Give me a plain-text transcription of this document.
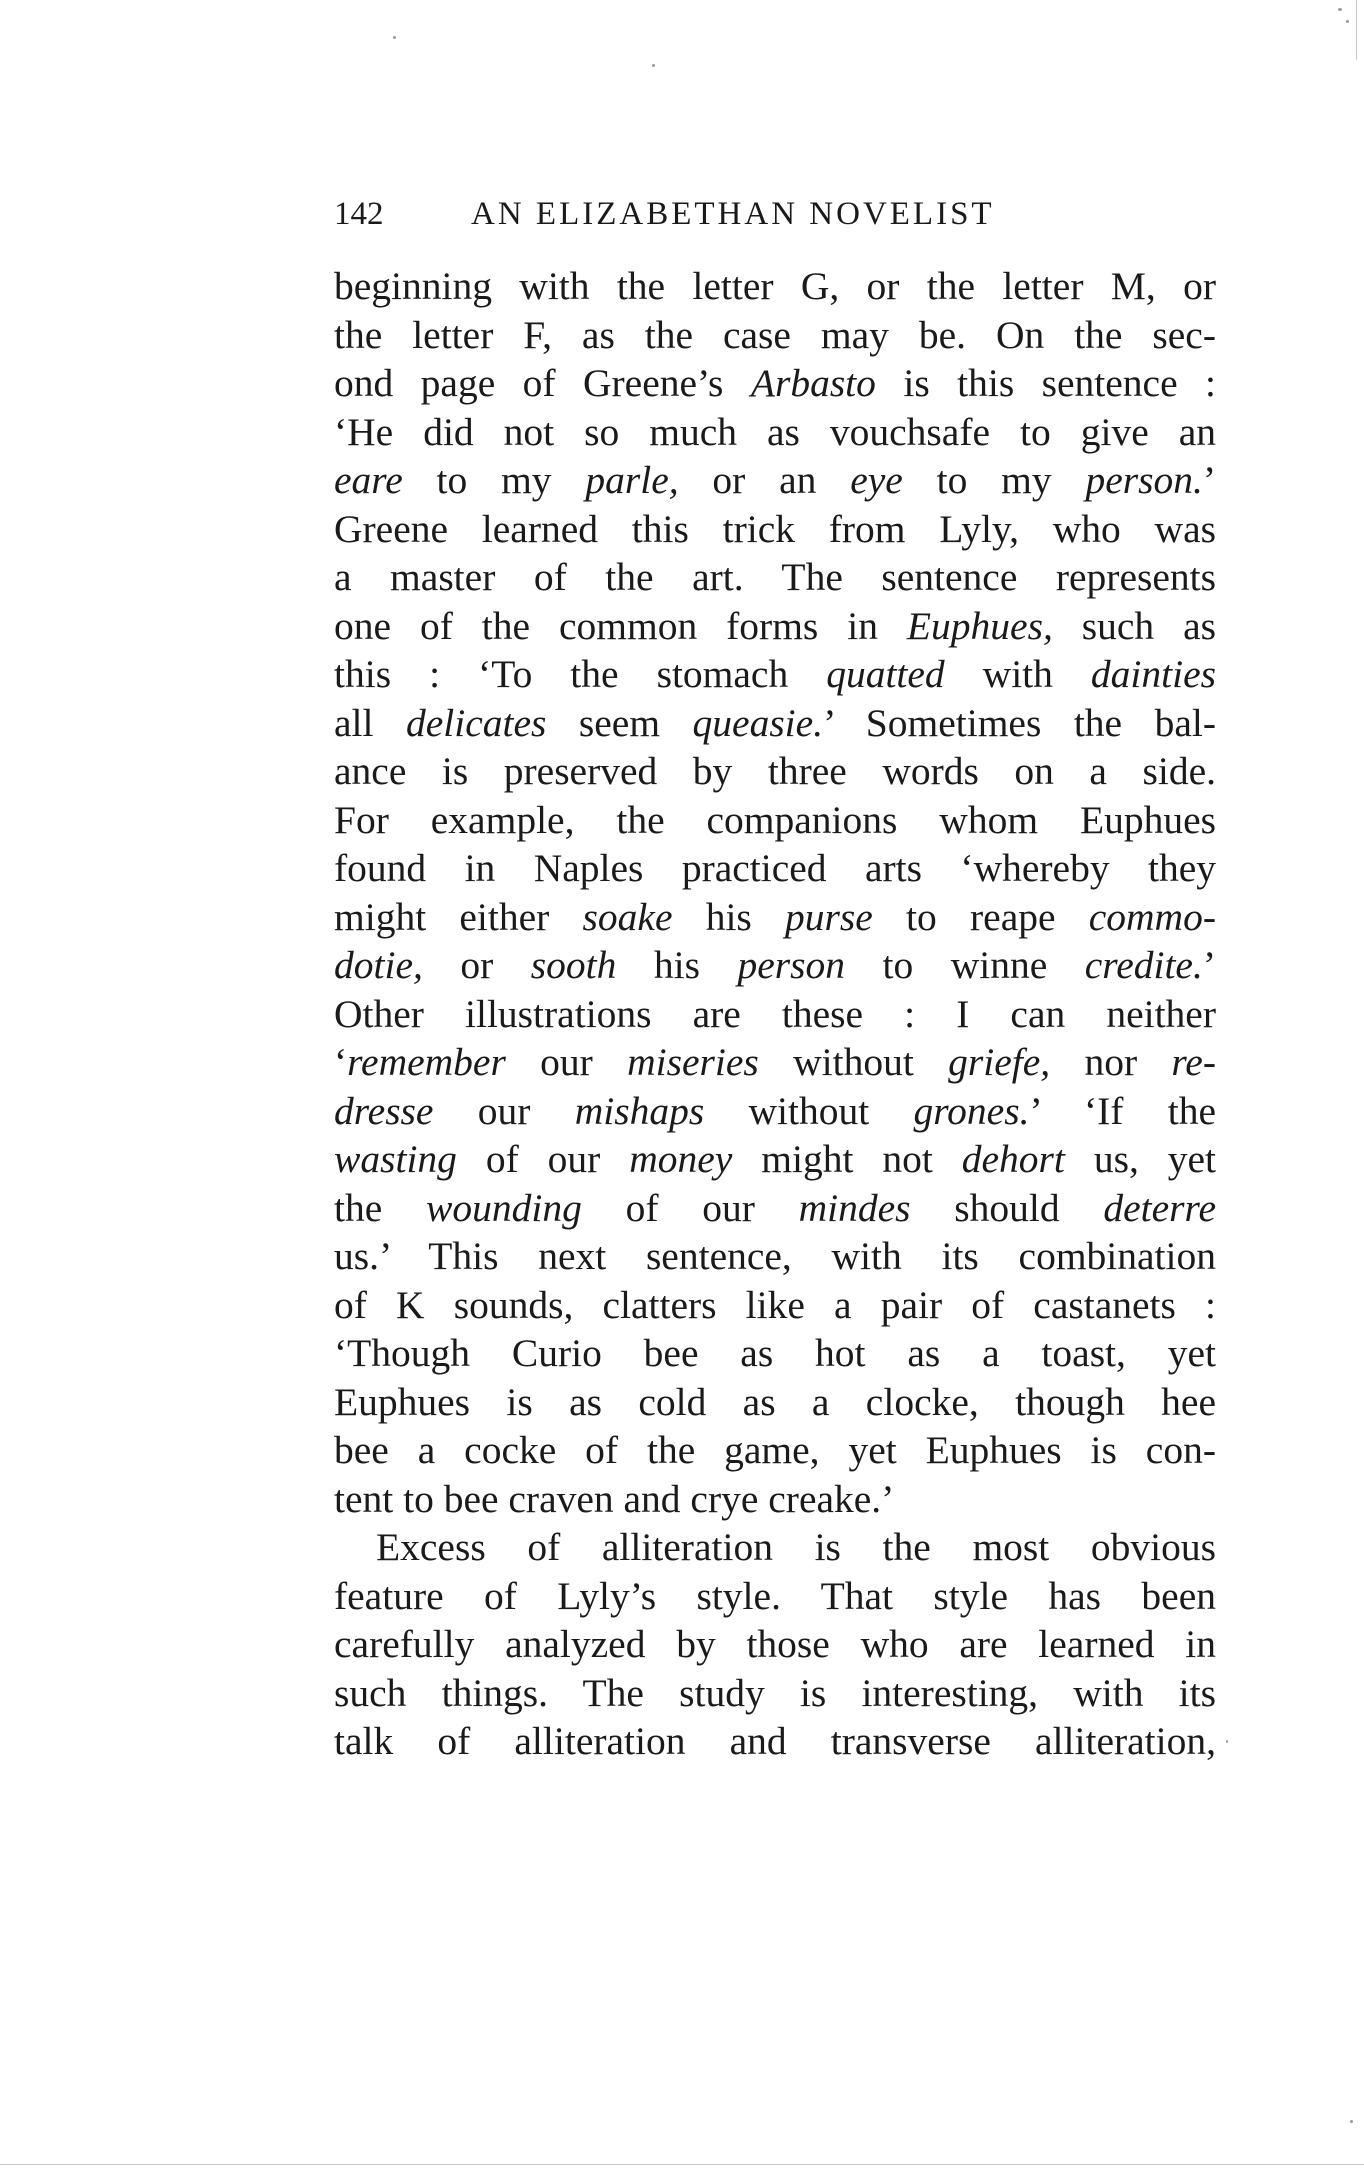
142	AN ELIZABETHAN NOVELIST
beginning with the letter G, or the letter M, or
the letter F, as the case may be. On the sec-
ond page of Greene’s Arbasto is this sentence :
‘He did not so much as vouchsafe to give an
eare to my parle, or an eye to my person.’
Greene learned this trick from Lyly, who was
a master of the art. The sentence represents
one of the common forms in Euphues, such as
this : ‘To the stomach quatted with dainties
all delicates seem queasie.’ Sometimes the bal-
ance is preserved by three words on a side.
For example, the companions whom Euphues
found in Naples practiced arts ‘whereby they
might either soake his purse to reape commo-
dotie, or sooth his person to winne credite.’
Other illustrations are these : I can neither
‘remember our miseries without griefe, nor re-
dresse our mishaps without grones.’ ‘If the
wasting of our money might not dehort us, yet
the wounding of our mindes should deterre
us.’ This next sentence, with its combination
of K sounds, clatters like a pair of castanets :
‘Though Curio bee as hot as a toast, yet
Euphues is as cold as a clocke, though hee
bee a cocke of the game, yet Euphues is con-
tent to bee craven and crye creake.’
Excess of alliteration is the most obvious
feature of Lyly’s style. That style has been
carefully analyzed by those who are learned in
such things. The study is interesting, with its
talk of alliteration and transverse alliteration,
